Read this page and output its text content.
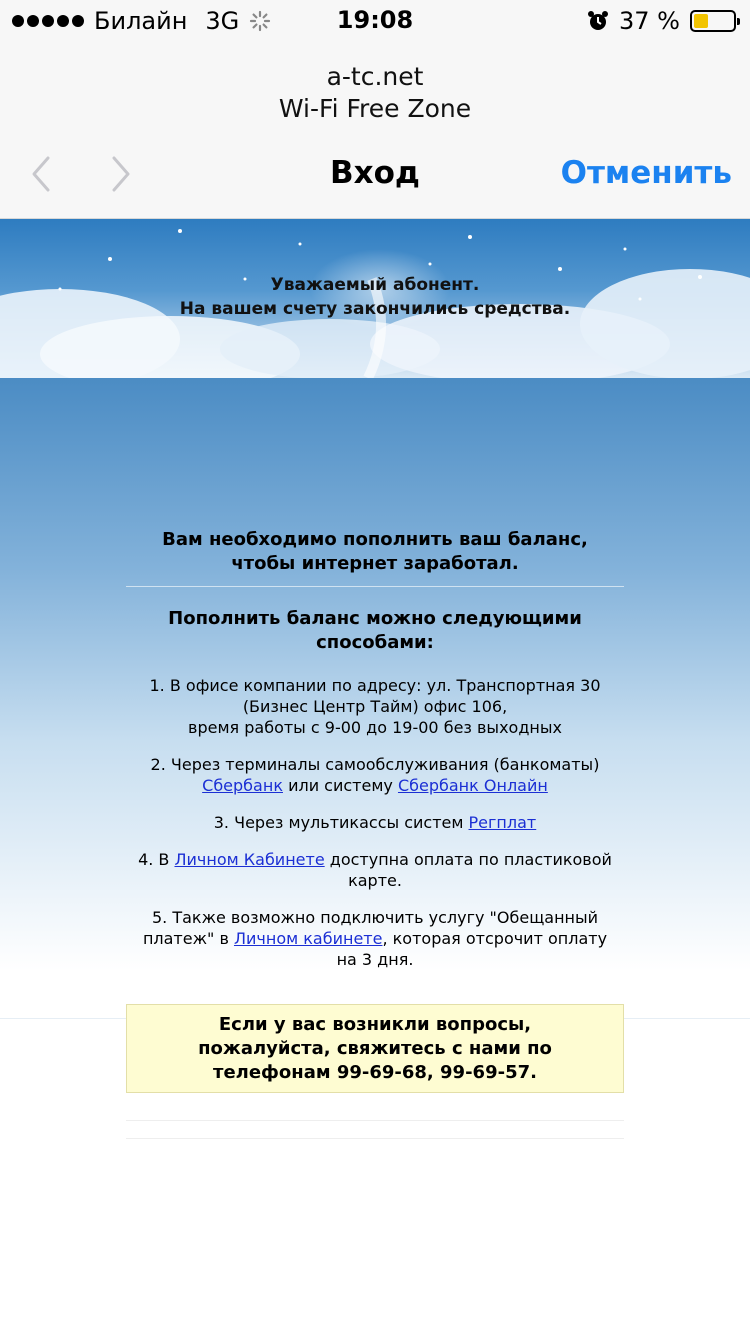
Билайн 3G	19:08	37 %
a-tc.net
Wi-Fi Free Zone
Вход	Отменить
Уважаемый абонент.
На вашем счету закончились средства.
Вам необходимо пополнить ваш баланс,
чтобы интернет заработал.
Пополнить баланс можно следующими
способами:
1. В офисе компании по адресу: ул. Транспортная 30
(Бизнес Центр Тайм) офис 106,
время работы с 9-00 до 19-00 без выходных
2. Через терминалы самообслуживания (банкоматы)
Сбербанк или систему Сбербанк Онлайн
3. Через мультикассы систем Регплат
4. В Личном Кабинете доступна оплата по пластиковой
карте.
5. Также возможно подключить услугу "Обещанный
платеж" в Личном кабинете, которая отсрочит оплату
на 3 дня.
Если у вас возникли вопросы,
пожалуйста, свяжитесь с нами по
телефонам 99-69-68, 99-69-57.
